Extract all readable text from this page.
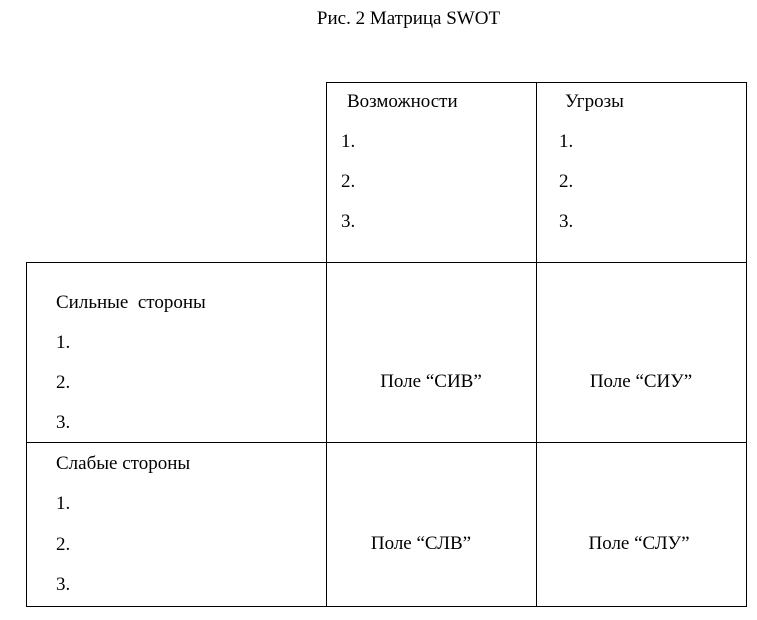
Рис. 2 Матрица SWOT
Возможности
1.
2.
3.
Угрозы
1.
2.
3.
Сильные  стороны
1.
2.
3.
Слабые стороны
1.
2.
3.
Поле “СИВ”	Поле “СИУ”
Поле “СЛВ”	Поле “СЛУ”
